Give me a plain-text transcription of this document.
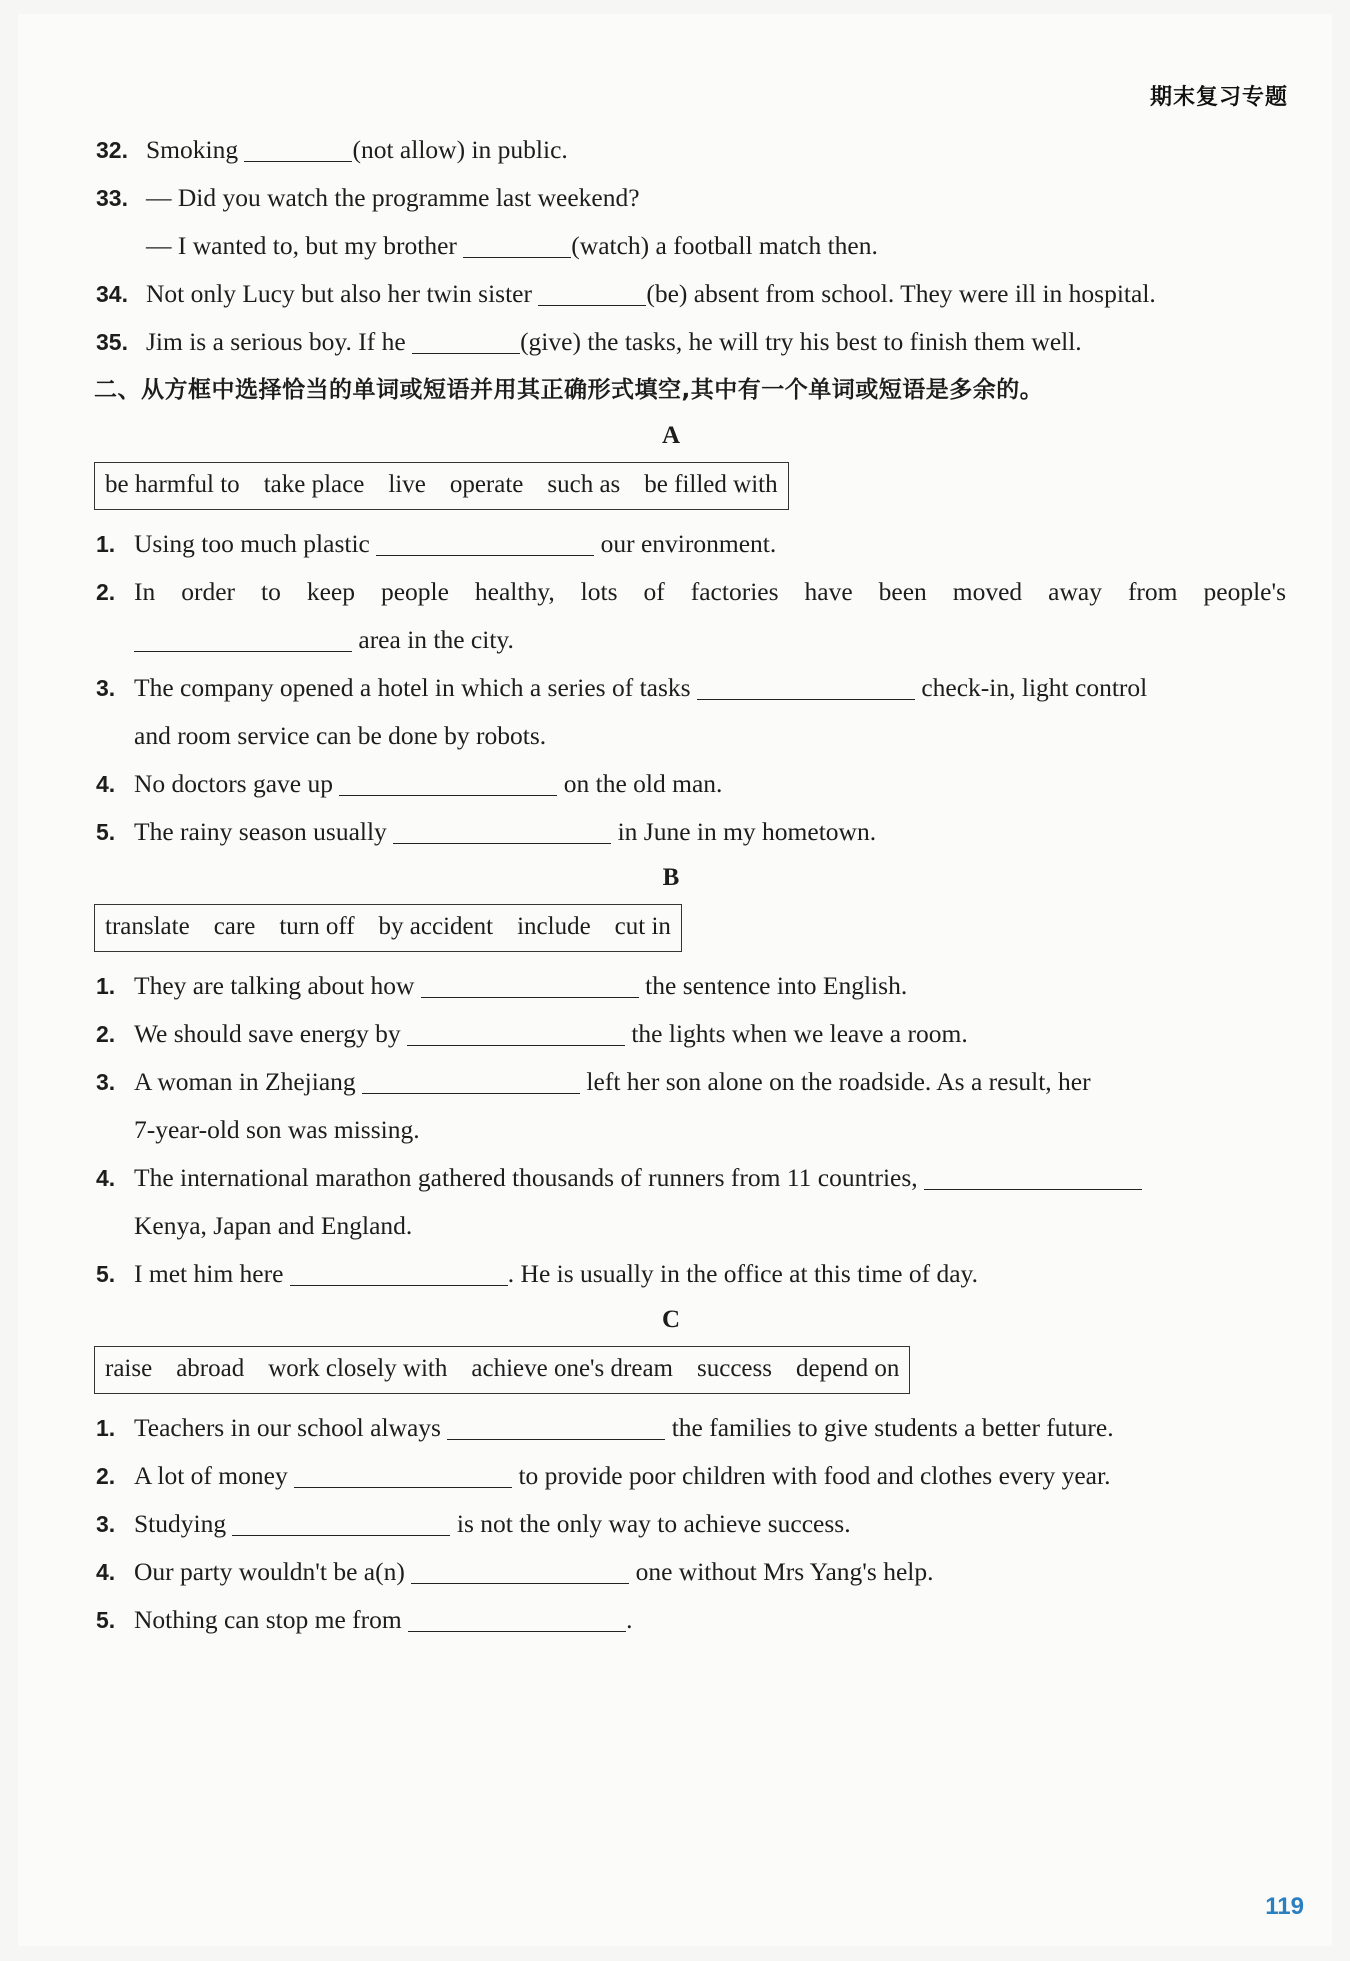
期末复习专题
32. Smoking	(not allow) in public.
33. — Did you watch the programme last weekend?
— I wanted to, but my brother	(watch) a football match then.
34. Not only Lucy but also her twin sister	(be) absent from school. They were ill in hospital.
35. Jim is a serious boy. If he	(give) the tasks, he will try his best to finish them well.
二、从方框中选择恰当的单词或短语并用其正确形式填空,其中有一个单词或短语是多余的。
A
be harmful to take place live operate such as be filled with
1. Using too much plastic	our environment.
2. In order to keep people healthy, lots of factories have been moved away from people's
area in the city.
3. The company opened a hotel in which a series of tasks	check-in, light control
and room service can be done by robots.
4. No doctors gave up	on the old man.
5. The rainy season usually	in June in my hometown.
B
translate care turn off by accident include cut in
1. They are talking about how	the sentence into English.
2. We should save energy by	the lights when we leave a room.
3. A woman in Zhejiang	left her son alone on the roadside. As a result, her
7-year-old son was missing.
4. The international marathon gathered thousands of runners from 11 countries,
Kenya, Japan and England.
5. I met him here	. He is usually in the office at this time of day.
C
raise abroad work closely with achieve one's dream success depend on
1. Teachers in our school always	the families to give students a better future.
2. A lot of money	to provide poor children with food and clothes every year.
3. Studying	is not the only way to achieve success.
4. Our party wouldn't be a(n)	one without Mrs Yang's help.
5. Nothing can stop me from	.
119
